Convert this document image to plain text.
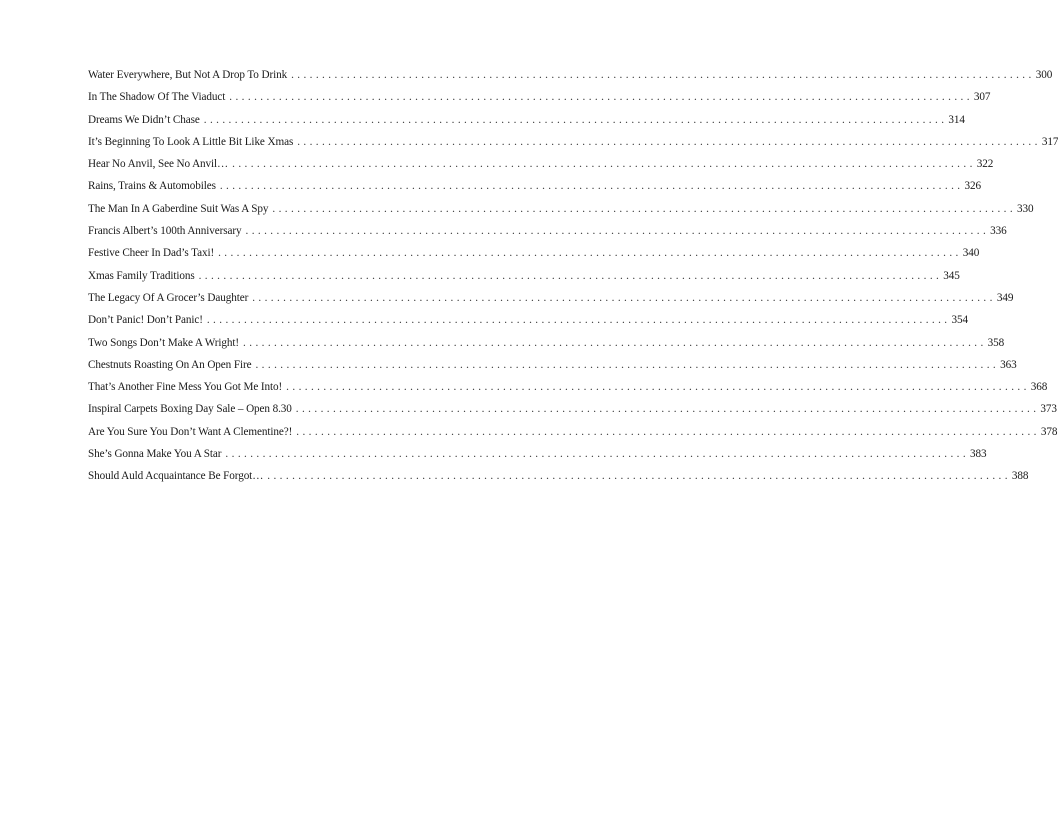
Water Everywhere, But Not A Drop To Drink ........................................................................................................................ 300
In The Shadow Of The Viaduct ........................................................................................................................ 307
Dreams We Didn’t Chase ........................................................................................................................ 314
It’s Beginning To Look A Little Bit Like Xmas ........................................................................................................................ 317
Hear No Anvil, See No Anvil… ........................................................................................................................ 322
Rains, Trains & Automobiles ........................................................................................................................ 326
The Man In A Gaberdine Suit Was A Spy ........................................................................................................................ 330
Francis Albert’s 100th Anniversary ........................................................................................................................ 336
Festive Cheer In Dad’s Taxi! ........................................................................................................................ 340
Xmas Family Traditions ........................................................................................................................ 345
The Legacy Of A Grocer’s Daughter ........................................................................................................................ 349
Don’t Panic! Don’t Panic! ........................................................................................................................ 354
Two Songs Don’t Make A Wright! ........................................................................................................................ 358
Chestnuts Roasting On An Open Fire ........................................................................................................................ 363
That’s Another Fine Mess You Got Me Into! ........................................................................................................................ 368
Inspiral Carpets Boxing Day Sale – Open 8.30 ........................................................................................................................ 373
Are You Sure You Don’t Want A Clementine?! ........................................................................................................................ 378
She’s Gonna Make You A Star ........................................................................................................................ 383
Should Auld Acquaintance Be Forgot… ........................................................................................................................ 388
